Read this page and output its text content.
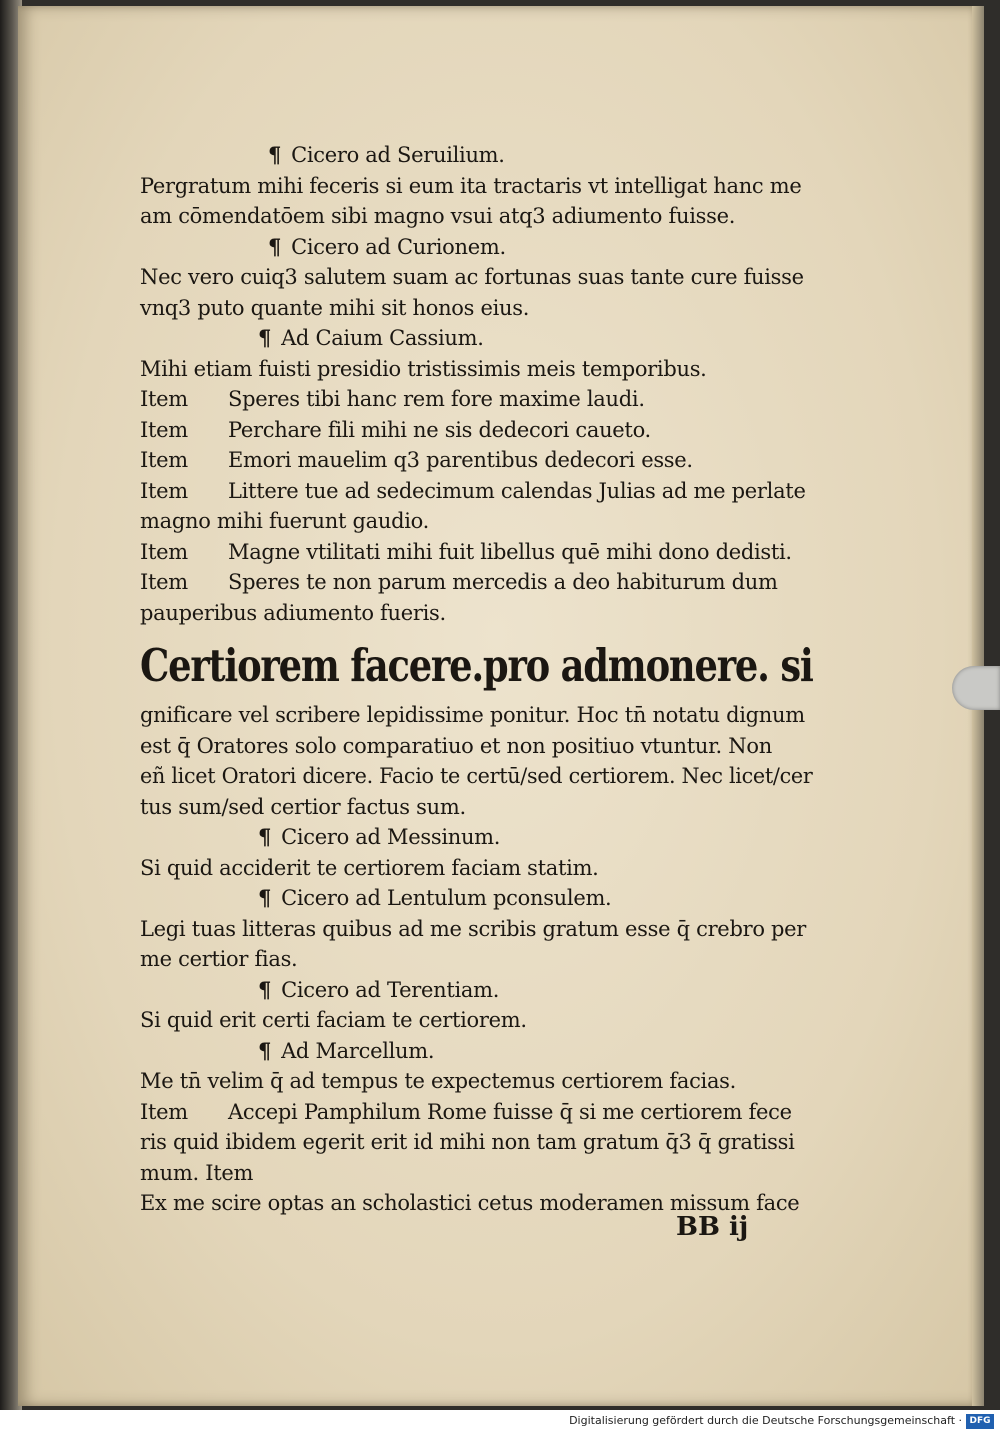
¶ Cicero ad Seruilium.
Pergratum mihi feceris si eum ita tractaris vt intelligat hanc me
am cōmendatōem sibi magno vsui atq3 adiumento fuisse.
¶ Cicero ad Curionem.
Nec vero cuiq3 salutem suam ac fortunas suas tante cure fuisse
vnq3 puto quante mihi sit honos eius.
¶ Ad Caium Cassium.
Mihi etiam fuisti presidio tristissimis meis temporibus.
Item Speres tibi hanc rem fore maxime laudi.
Item Perchare fili mihi ne sis dedecori caueto.
Item Emori mauelim q3 parentibus dedecori esse.
Item Littere tue ad sedecimum calendas Julias ad me perlate
magno mihi fuerunt gaudio.
Item Magne vtilitati mihi fuit libellus quē mihi dono dedisti.
Item Speres te non parum mercedis a deo habiturum dum
pauperibus adiumento fueris.
Certiorem facere.pro admonere. si
gnificare vel scribere lepidissime ponitur. Hoc tn̄ notatu dignum
est q̄ Oratores solo comparatiuo et non positiuo vtuntur. Non
eñ licet Oratori dicere. Facio te certū/sed certiorem. Nec licet/cer
tus sum/sed certior factus sum.
¶ Cicero ad Messinum.
Si quid acciderit te certiorem faciam statim.
¶ Cicero ad Lentulum pconsulem.
Legi tuas litteras quibus ad me scribis gratum esse q̄ crebro per
me certior fias.
¶ Cicero ad Terentiam.
Si quid erit certi faciam te certiorem.
¶ Ad Marcellum.
Me tn̄ velim q̄ ad tempus te expectemus certiorem facias.
Item Accepi Pamphilum Rome fuisse q̄ si me certiorem fece
ris quid ibidem egerit erit id mihi non tam gratum q̄3 q̄ gratissi
mum. Item
Ex me scire optas an scholastici cetus moderamen missum face
BB ij
Digitalisierung gefördert durch die Deutsche Forschungsgemeinschaft · DFG
